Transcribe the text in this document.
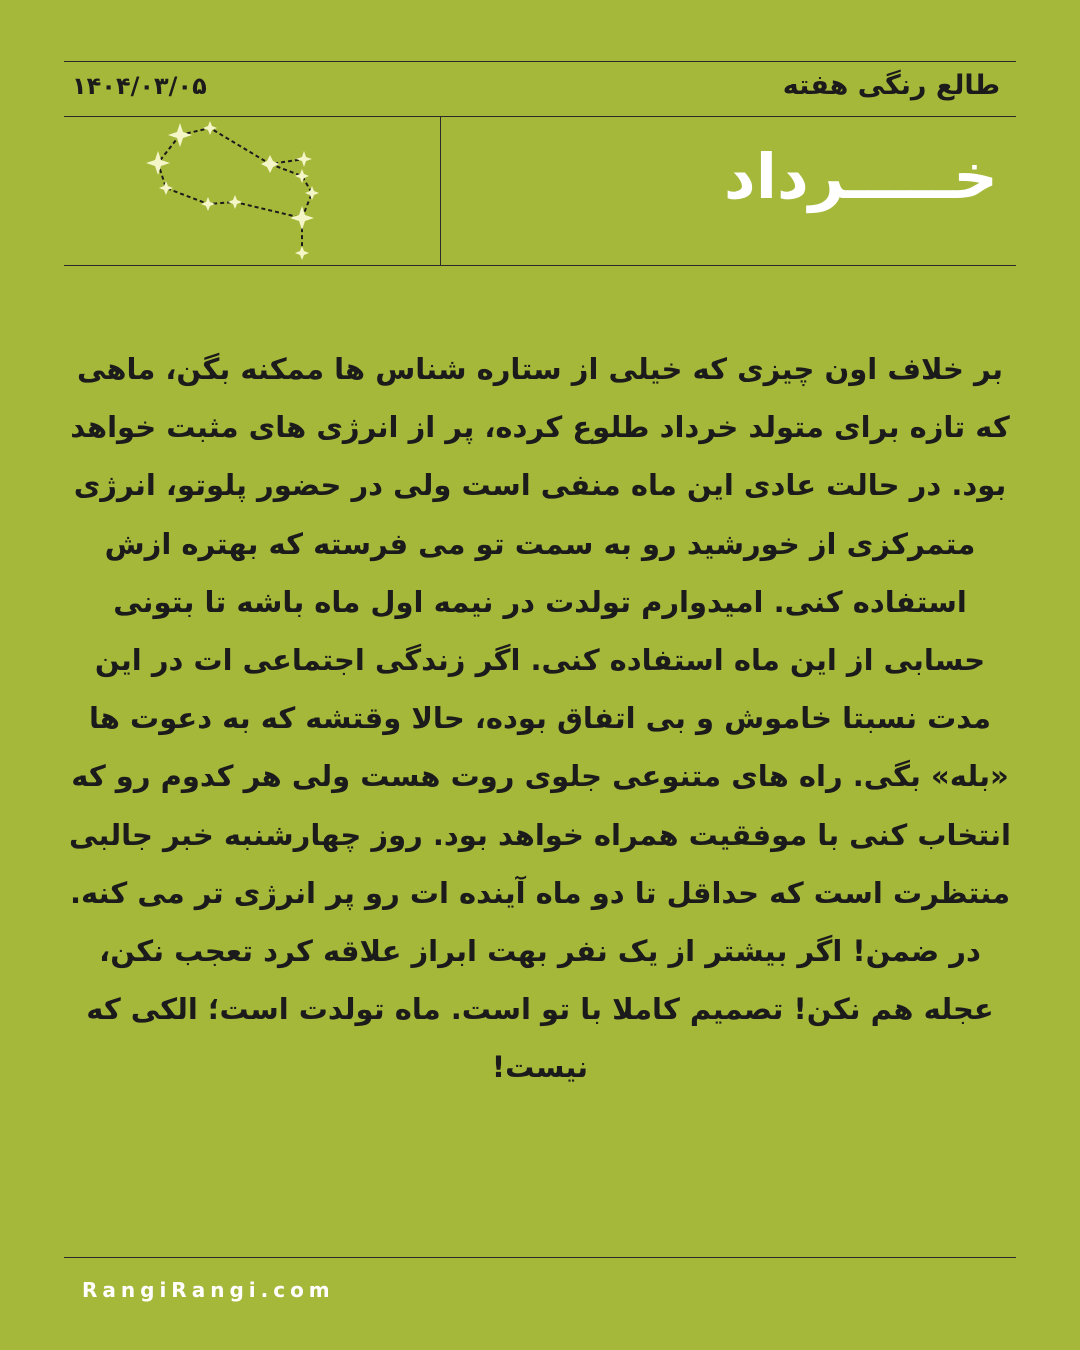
طالع رنگی هفته
۱۴۰۴/۰۳/۰۵
خـــــرداد
بر خلاف اون چیزی که خیلی از ستاره شناس ها ممکنه بگن، ماهی که تازه برای متولد خرداد طلوع کرده، پر از انرژی های مثبت خواهد بود. در حالت عادی این ماه منفی است ولی در حضور پلوتو، انرژی متمرکزی از خورشید رو به سمت تو می فرسته که بهتره ازش استفاده کنی. امیدوارم تولدت در نیمه اول ماه باشه تا بتونی حسابی از این ماه استفاده کنی. اگر زندگی اجتماعی ات در این مدت نسبتا خاموش و بی اتفاق بوده، حالا وقتشه که به دعوت ها «بله» بگی. راه های متنوعی جلوی روت هست ولی هر کدوم رو که انتخاب کنی با موفقیت همراه خواهد بود. روز چهارشنبه خبر جالبی منتظرت است که حداقل تا دو ماه آینده ات رو پر انرژی تر می کنه. در ضمن! اگر بیشتر از یک نفر بهت ابراز علاقه کرد تعجب نکن، عجله هم نکن! تصمیم کاملا با تو است. ماه تولدت است؛ الکی که نیست!
RangiRangi.com
